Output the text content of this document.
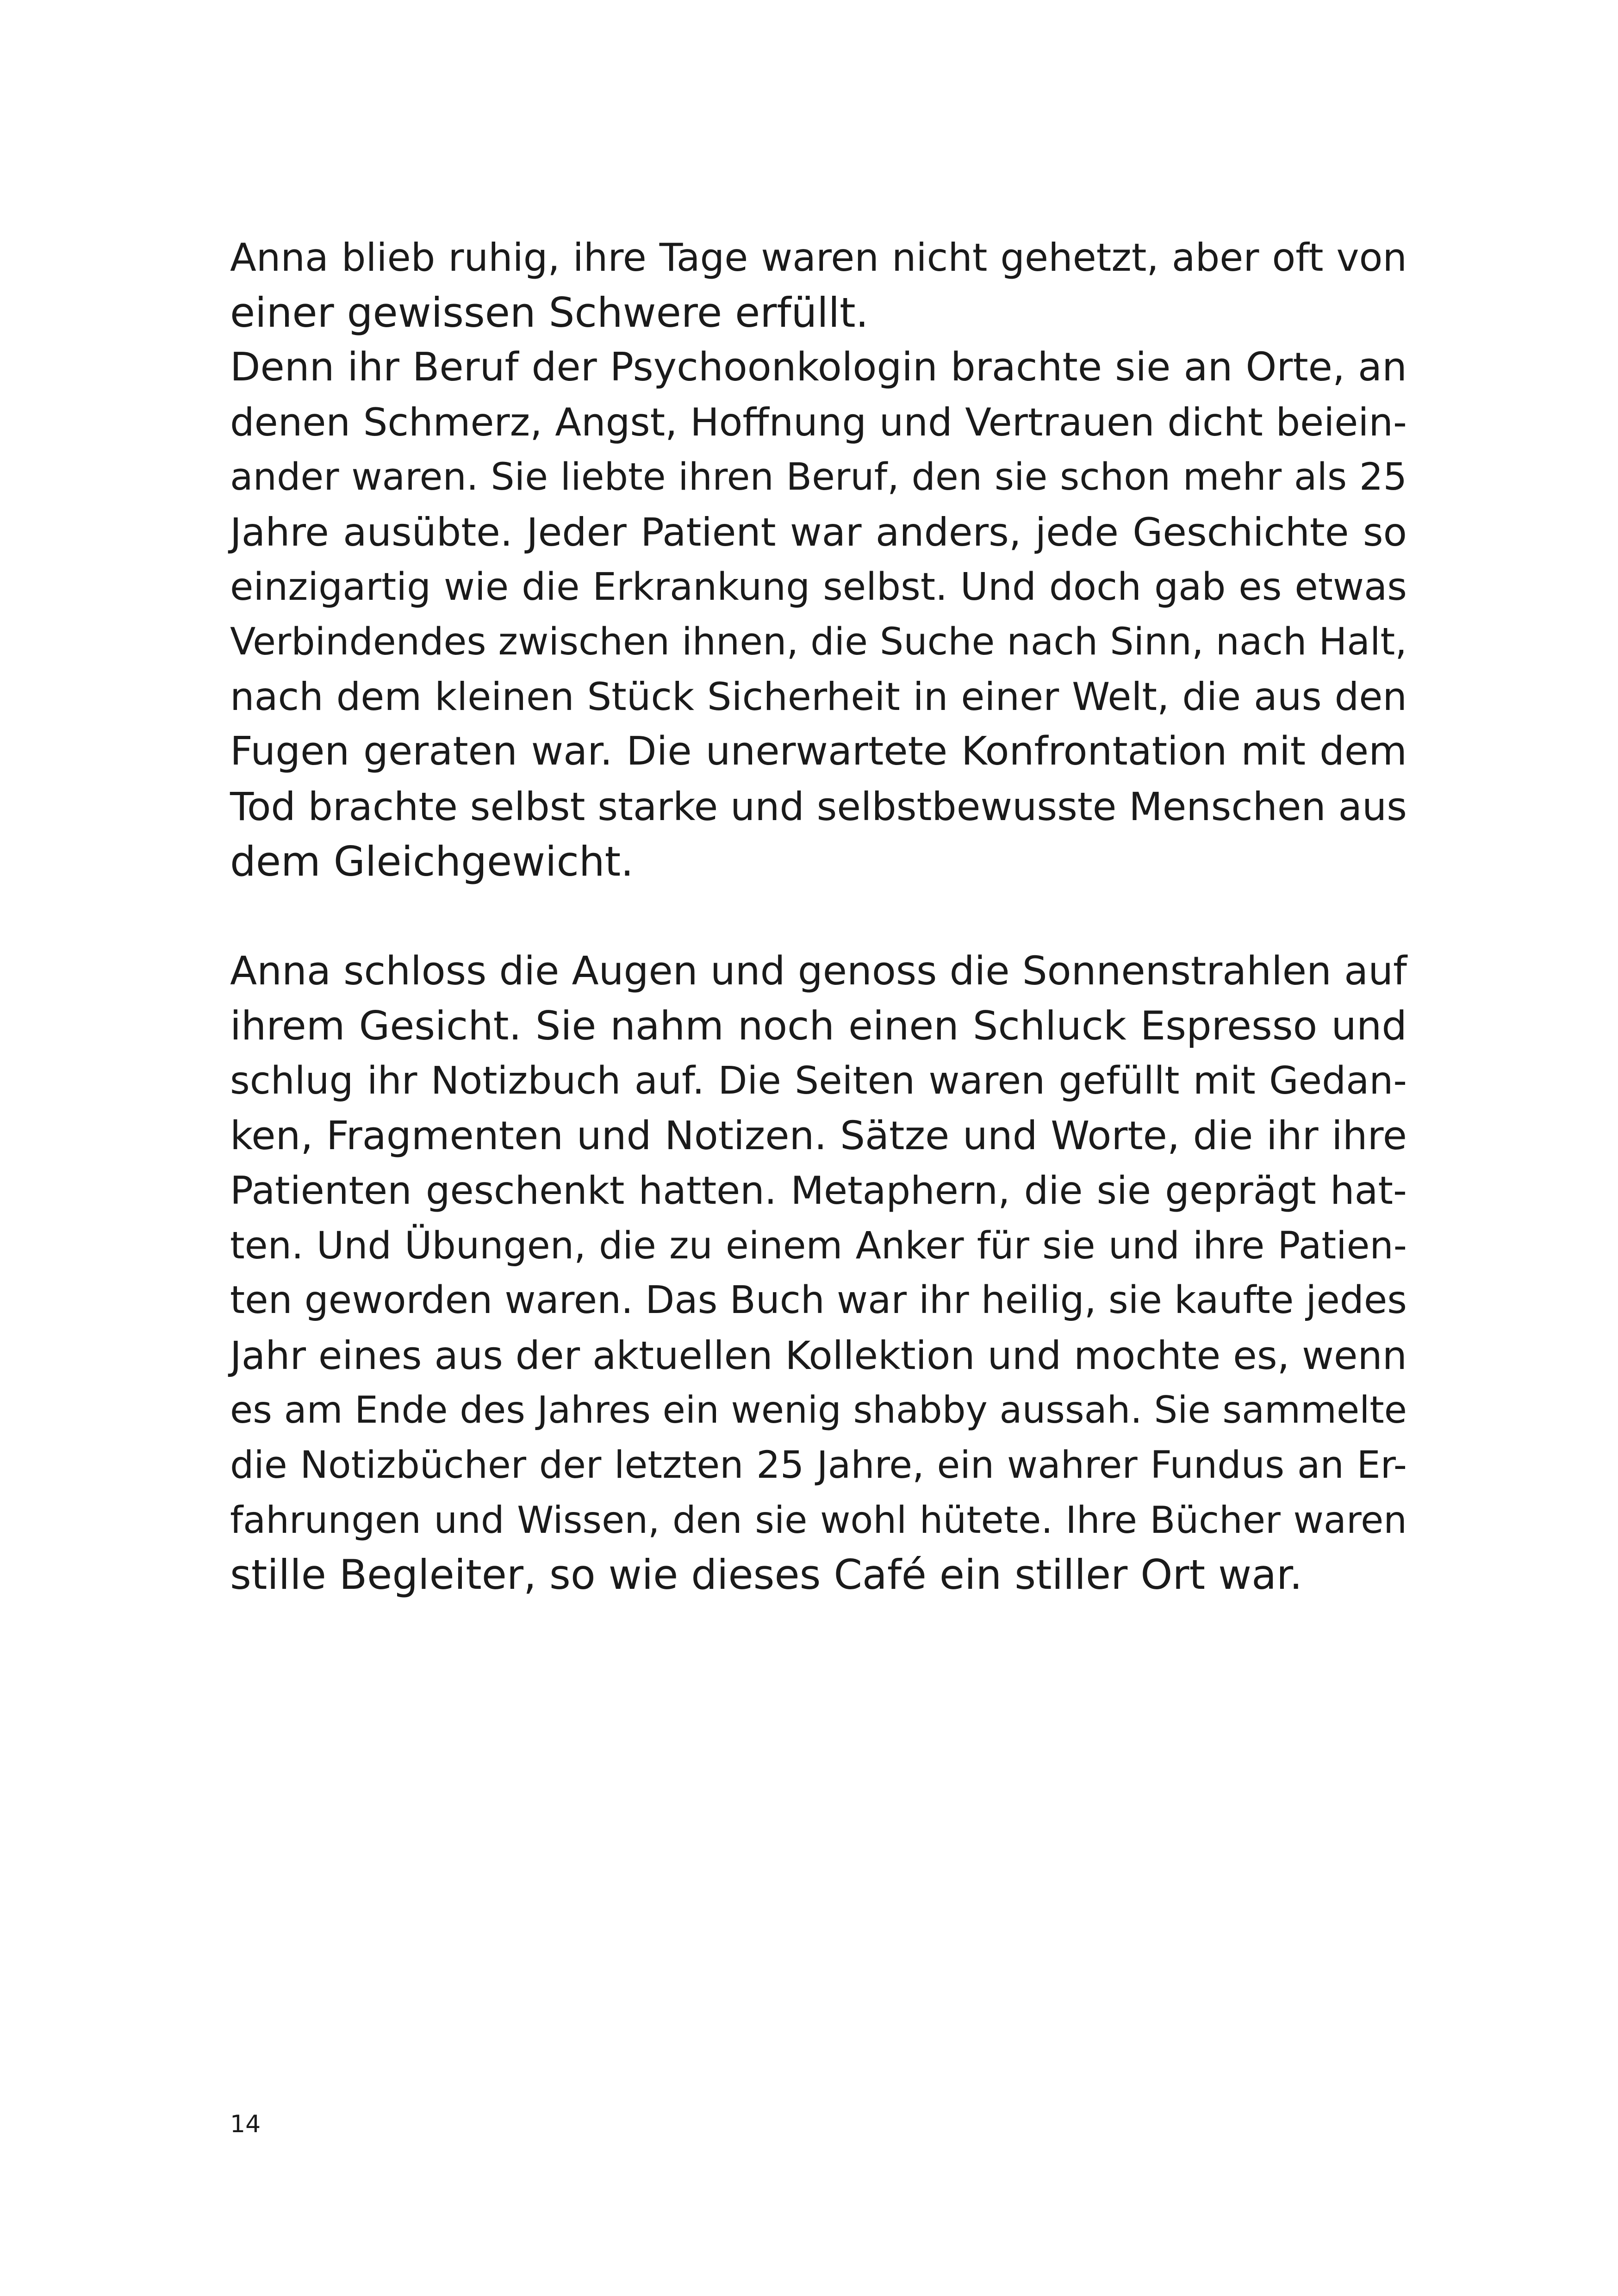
Anna blieb ruhig, ihre Tage waren nicht gehetzt, aber oft von
einer gewissen Schwere erfüllt.
Denn ihr Beruf der Psychoonkologin brachte sie an Orte, an
denen Schmerz, Angst, Hoffnung und Vertrauen dicht beiein-
ander waren. Sie liebte ihren Beruf, den sie schon mehr als 25
Jahre ausübte. Jeder Patient war anders, jede Geschichte so
einzigartig wie die Erkrankung selbst. Und doch gab es etwas
Verbindendes zwischen ihnen, die Suche nach Sinn, nach Halt,
nach dem kleinen Stück Sicherheit in einer Welt, die aus den
Fugen geraten war. Die unerwartete Konfrontation mit dem
Tod brachte selbst starke und selbstbewusste Menschen aus
dem Gleichgewicht.
Anna schloss die Augen und genoss die Sonnenstrahlen auf
ihrem Gesicht. Sie nahm noch einen Schluck Espresso und
schlug ihr Notizbuch auf. Die Seiten waren gefüllt mit Gedan-
ken, Fragmenten und Notizen. Sätze und Worte, die ihr ihre
Patienten geschenkt hatten. Metaphern, die sie geprägt hat-
ten. Und Übungen, die zu einem Anker für sie und ihre Patien-
ten geworden waren. Das Buch war ihr heilig, sie kaufte jedes
Jahr eines aus der aktuellen Kollektion und mochte es, wenn
es am Ende des Jahres ein wenig shabby aussah. Sie sammelte
die Notizbücher der letzten 25 Jahre, ein wahrer Fundus an Er-
fahrungen und Wissen, den sie wohl hütete. Ihre Bücher waren
stille Begleiter, so wie dieses Café ein stiller Ort war.
14
